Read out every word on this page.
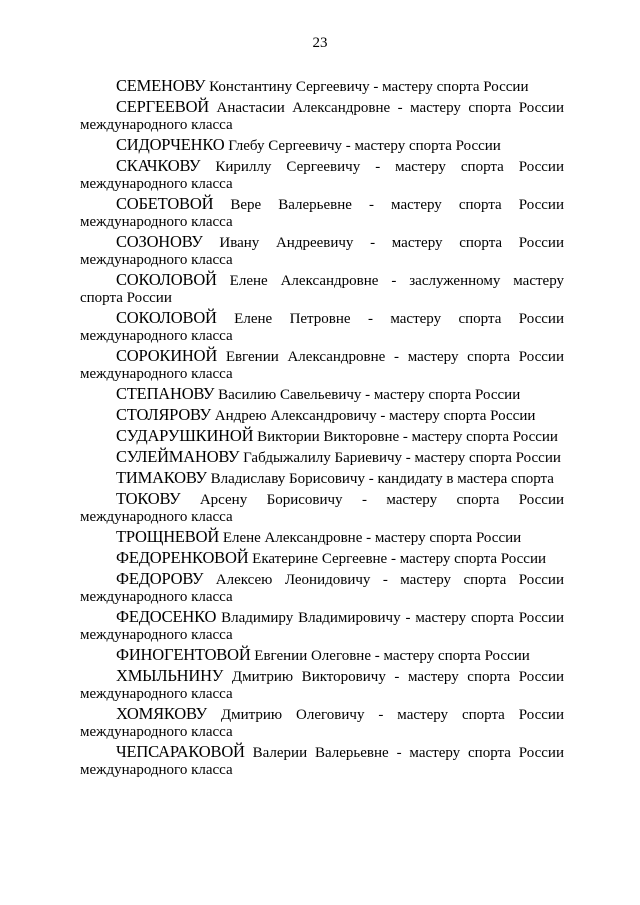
23
СЕМЕНОВУ Константину Сергеевичу - мастеру спорта России
СЕРГЕЕВОЙ Анастасии Александровне - мастеру спорта России международного класса
СИДОРЧЕНКО Глебу Сергеевичу - мастеру спорта России
СКАЧКОВУ Кириллу Сергеевичу - мастеру спорта России международного класса
СОБЕТОВОЙ Вере Валерьевне - мастеру спорта России международного класса
СОЗОНОВУ Ивану Андреевичу - мастеру спорта России международного класса
СОКОЛОВОЙ Елене Александровне - заслуженному мастеру спорта России
СОКОЛОВОЙ Елене Петровне - мастеру спорта России международного класса
СОРОКИНОЙ Евгении Александровне - мастеру спорта России международного класса
СТЕПАНОВУ Василию Савельевичу - мастеру спорта России
СТОЛЯРОВУ Андрею Александровичу - мастеру спорта России
СУДАРУШКИНОЙ Виктории Викторовне - мастеру спорта России
СУЛЕЙМАНОВУ Габдыжалилу Бариевичу - мастеру спорта России
ТИМАКОВУ Владиславу Борисовичу - кандидату в мастера спорта
ТОКОВУ Арсену Борисовичу - мастеру спорта России международного класса
ТРОЩНЕВОЙ Елене Александровне - мастеру спорта России
ФЕДОРЕНКОВОЙ Екатерине Сергеевне - мастеру спорта России
ФЕДОРОВУ Алексею Леонидовичу - мастеру спорта России международного класса
ФЕДОСЕНКО Владимиру Владимировичу - мастеру спорта России международного класса
ФИНОГЕНТОВОЙ Евгении Олеговне - мастеру спорта России
ХМЫЛЬНИНУ Дмитрию Викторовичу - мастеру спорта России международного класса
ХОМЯКОВУ Дмитрию Олеговичу - мастеру спорта России международного класса
ЧЕПСАРАКОВОЙ Валерии Валерьевне - мастеру спорта России международного класса
